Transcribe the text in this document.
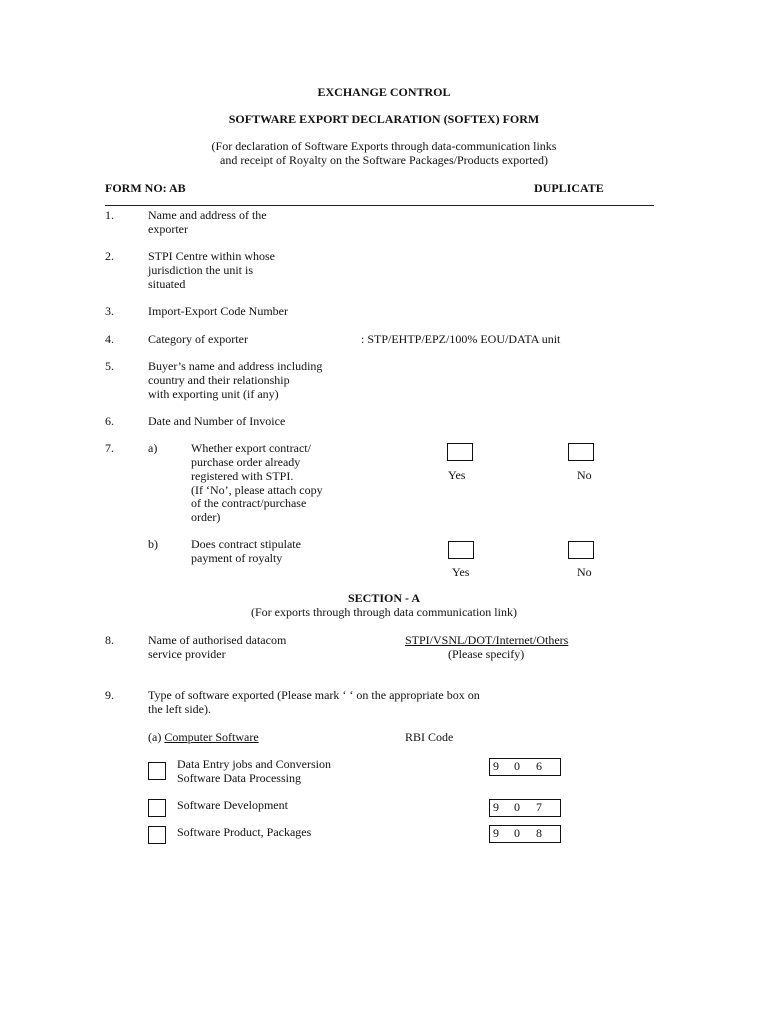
EXCHANGE CONTROL
SOFTWARE EXPORT DECLARATION (SOFTEX) FORM
(For declaration of Software Exports through data-communication links
and receipt of Royalty on the Software Packages/Products exported)
FORM NO: AB	DUPLICATE
1.	Name and address of the
exporter
2.	STPI Centre within whose
jurisdiction the unit is
situated
3.	Import-Export Code Number
4.	Category of exporter	: STP/EHTP/EPZ/100% EOU/DATA unit
5.	Buyer’s name and address including
country and their relationship
with exporting unit (if any)
6.	Date and Number of Invoice
7.	a)	Whether export contract/
purchase order already
registered with STPI.
(If ‘No’, please attach copy
of the contract/purchase
order)
Yes	No
b)	Does contract stipulate
payment of royalty
Yes	No
SECTION - A
(For exports through through data communication link)
8.	Name of authorised datacom
service provider
STPI/VSNL/DOT/Internet/Others
(Please specify)
9.	Type of software exported (Please mark ‘ ‘ on the appropriate box on
the left side).
(a) Computer Software	RBI Code
Data Entry jobs and Conversion
Software Data Processing
9 0 6
Software Development	9 0 7
Software Product, Packages	9 0 8
